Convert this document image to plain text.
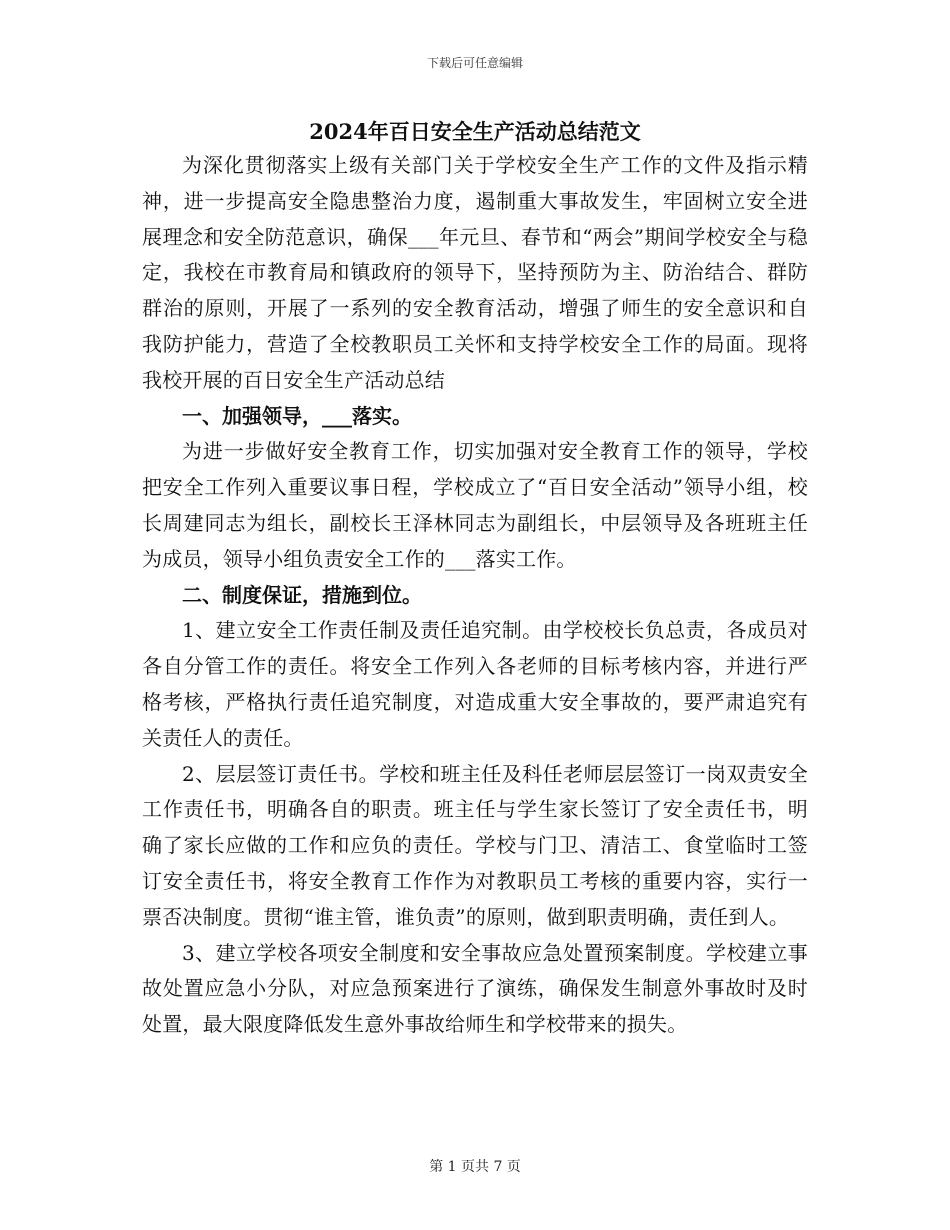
下载后可任意编辑
2024年百日安全生产活动总结范文

为深化贯彻落实上级有关部门关于学校安全生产工作的文件及指示精神，进一步提高安全隐患整治力度，遏制重大事故发生，牢固树立安全进展理念和安全防范意识，确保___年元旦、春节和“两会”期间学校安全与稳定，我校在市教育局和镇政府的领导下，坚持预防为主、防治结合、群防群治的原则，开展了一系列的安全教育活动，增强了师生的安全意识和自我防护能力，营造了全校教职员工关怀和支持学校安全工作的局面。现将我校开展的百日安全生产活动总结

一、加强领导，___落实。

为进一步做好安全教育工作，切实加强对安全教育工作的领导，学校把安全工作列入重要议事日程，学校成立了“百日安全活动”领导小组，校长周建同志为组长，副校长王泽林同志为副组长，中层领导及各班班主任为成员，领导小组负责安全工作的___落实工作。

二、制度保证，措施到位。

1、建立安全工作责任制及责任追究制。由学校校长负总责，各成员对各自分管工作的责任。将安全工作列入各老师的目标考核内容，并进行严格考核，严格执行责任追究制度，对造成重大安全事故的，要严肃追究有关责任人的责任。

2、层层签订责任书。学校和班主任及科任老师层层签订一岗双责安全工作责任书，明确各自的职责。班主任与学生家长签订了安全责任书，明确了家长应做的工作和应负的责任。学校与门卫、清洁工、食堂临时工签订安全责任书，将安全教育工作作为对教职员工考核的重要内容，实行一票否决制度。贯彻“谁主管，谁负责”的原则，做到职责明确，责任到人。

3、建立学校各项安全制度和安全事故应急处置预案制度。学校建立事故处置应急小分队，对应急预案进行了演练，确保发生制意外事故时及时处置，最大限度降低发生意外事故给师生和学校带来的损失。

第 1 页共 7 页
